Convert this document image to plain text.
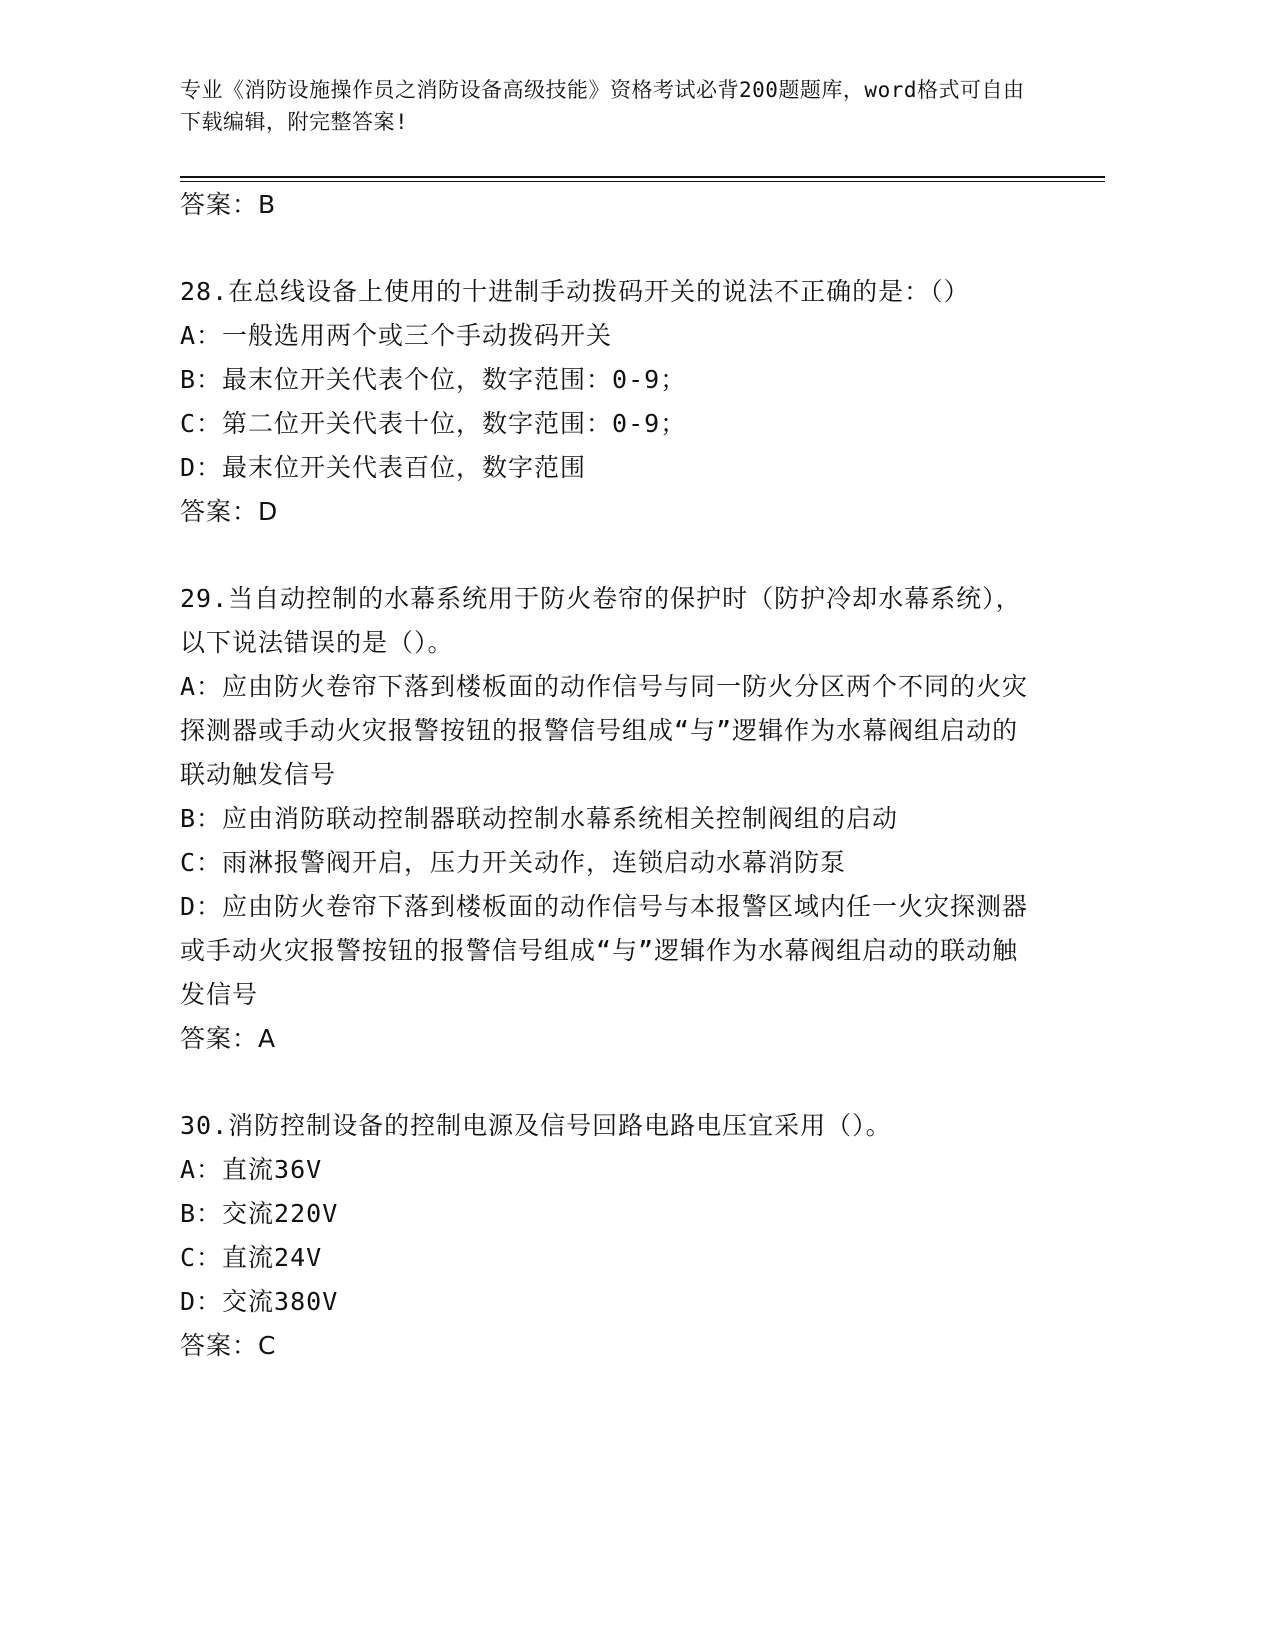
专业《消防设施操作员之消防设备高级技能》资格考试必背200题题库，word格式可自由下载编辑，附完整答案!
答案：B
28.在总线设备上使用的十进制手动拨码开关的说法不正确的是：（）
A：一般选用两个或三个手动拨码开关
B：最末位开关代表个位，数字范围：0-9；
C：第二位开关代表十位，数字范围：0-9；
D：最末位开关代表百位，数字范围
答案：D
29.当自动控制的水幕系统用于防火卷帘的保护时（防护冷却水幕系统），以下说法错误的是（）。
A：应由防火卷帘下落到楼板面的动作信号与同一防火分区两个不同的火灾探测器或手动火灾报警按钮的报警信号组成“与”逻辑作为水幕阀组启动的联动触发信号
B：应由消防联动控制器联动控制水幕系统相关控制阀组的启动
C：雨淋报警阀开启，压力开关动作，连锁启动水幕消防泵
D：应由防火卷帘下落到楼板面的动作信号与本报警区域内任一火灾探测器或手动火灾报警按钮的报警信号组成“与”逻辑作为水幕阀组启动的联动触发信号
答案：A
30.消防控制设备的控制电源及信号回路电路电压宜采用（）。
A：直流36V
B：交流220V
C：直流24V
D：交流380V
答案：C
